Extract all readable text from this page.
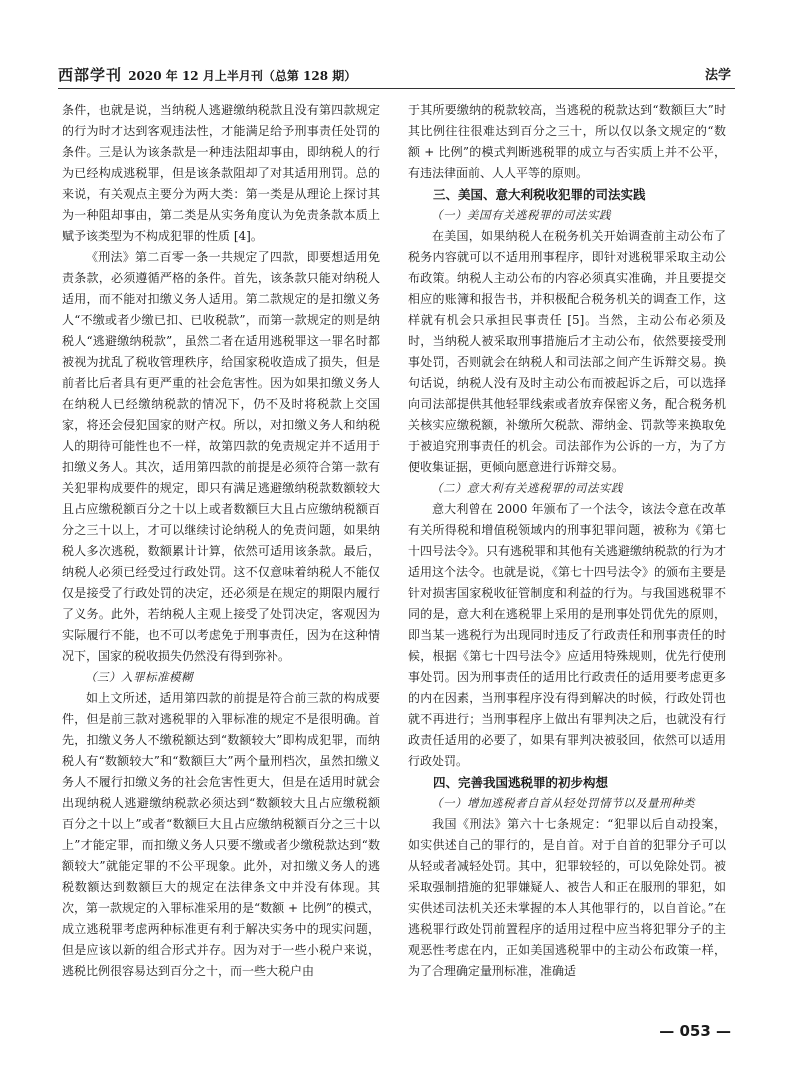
西部学刊 2020 年 12 月上半月刊（总第 128 期）	法学

条件，也就是说，当纳税人逃避缴纳税款且没有第四款规定的行为时才达到客观违法性，才能满足给予刑事责任处罚的条件。三是认为该条款是一种违法阻却事由，即纳税人的行为已经构成逃税罪，但是该条款阻却了对其适用刑罚。总的来说，有关观点主要分为两大类：第一类是从理论上探讨其为一种阻却事由，第二类是从实务角度认为免责条款本质上赋予该类型为不构成犯罪的性质 [4]。

《刑法》第二百零一条一共规定了四款，即要想适用免责条款，必须遵循严格的条件。首先，该条款只能对纳税人适用，而不能对扣缴义务人适用。第二款规定的是扣缴义务人“不缴或者少缴已扣、已收税款”，而第一款规定的则是纳税人“逃避缴纳税款”，虽然二者在适用逃税罪这一罪名时都被视为扰乱了税收管理秩序，给国家税收造成了损失，但是前者比后者具有更严重的社会危害性。因为如果扣缴义务人在纳税人已经缴纳税款的情况下，仍不及时将税款上交国家，将还会侵犯国家的财产权。所以，对扣缴义务人和纳税人的期待可能性也不一样，故第四款的免责规定并不适用于扣缴义务人。其次，适用第四款的前提是必须符合第一款有关犯罪构成要件的规定，即只有满足逃避缴纳税款数额较大且占应缴税额百分之十以上或者数额巨大且占应缴纳税额百分之三十以上，才可以继续讨论纳税人的免责问题，如果纳税人多次逃税，数额累计计算，依然可适用该条款。最后，纳税人必须已经受过行政处罚。这不仅意味着纳税人不能仅仅是接受了行政处罚的决定，还必须是在规定的期限内履行了义务。此外，若纳税人主观上接受了处罚决定，客观因为实际履行不能，也不可以考虑免于刑事责任，因为在这种情况下，国家的税收损失仍然没有得到弥补。

（三）入罪标准模糊

如上文所述，适用第四款的前提是符合前三款的构成要件，但是前三款对逃税罪的入罪标准的规定不是很明确。首先，扣缴义务人不缴税额达到“数额较大”即构成犯罪，而纳税人有“数额较大”和“数额巨大”两个量刑档次，虽然扣缴义务人不履行扣缴义务的社会危害性更大，但是在适用时就会出现纳税人逃避缴纳税款必须达到“数额较大且占应缴税额百分之十以上”或者“数额巨大且占应缴纳税额百分之三十以上”才能定罪，而扣缴义务人只要不缴或者少缴税款达到“数额较大”就能定罪的不公平现象。此外，对扣缴义务人的逃税数额达到数额巨大的规定在法律条文中并没有体现。其次，第一款规定的入罪标准采用的是“数额 + 比例”的模式，成立逃税罪考虑两种标准更有利于解决实务中的现实问题，但是应该以新的组合形式并存。因为对于一些小税户来说，逃税比例很容易达到百分之十，而一些大税户由

于其所要缴纳的税款较高，当逃税的税款达到“数额巨大”时其比例往往很难达到百分之三十，所以仅以条文规定的“数额 + 比例”的模式判断逃税罪的成立与否实质上并不公平，有违法律面前、人人平等的原则。

三、美国、意大利税收犯罪的司法实践
（一）美国有关逃税罪的司法实践

在美国，如果纳税人在税务机关开始调查前主动公布了税务内容就可以不适用刑事程序，即针对逃税罪采取主动公布政策。纳税人主动公布的内容必须真实准确，并且要提交相应的账簿和报告书，并积极配合税务机关的调查工作，这样就有机会只承担民事责任 [5]。当然，主动公布必须及时，当纳税人被采取刑事措施后才主动公布，依然要接受刑事处罚，否则就会在纳税人和司法部之间产生诉辩交易。换句话说，纳税人没有及时主动公布而被起诉之后，可以选择向司法部提供其他轻罪线索或者放弃保密义务，配合税务机关核实应缴税额，补缴所欠税款、滞纳金、罚款等来换取免于被追究刑事责任的机会。司法部作为公诉的一方，为了方便收集证据，更倾向愿意进行诉辩交易。

（二）意大利有关逃税罪的司法实践

意大利曾在 2000 年颁布了一个法令，该法令意在改革有关所得税和增值税领域内的刑事犯罪问题，被称为《第七十四号法令》。只有逃税罪和其他有关逃避缴纳税款的行为才适用这个法令。也就是说，《第七十四号法令》的颁布主要是针对损害国家税收征管制度和利益的行为。与我国逃税罪不同的是，意大利在逃税罪上采用的是刑事处罚优先的原则，即当某一逃税行为出现同时违反了行政责任和刑事责任的时候，根据《第七十四号法令》应适用特殊规则，优先行使刑事处罚。因为刑事责任的适用比行政责任的适用要考虑更多的内在因素，当刑事程序没有得到解决的时候，行政处罚也就不再进行；当刑事程序上做出有罪判决之后，也就没有行政责任适用的必要了，如果有罪判决被驳回，依然可以适用行政处罚。

四、完善我国逃税罪的初步构想
（一）增加逃税者自首从轻处罚情节以及量刑种类

我国《刑法》第六十七条规定：“犯罪以后自动投案，如实供述自己的罪行的，是自首。对于自首的犯罪分子可以从轻或者减轻处罚。其中，犯罪较轻的，可以免除处罚。被采取强制措施的犯罪嫌疑人、被告人和正在服刑的罪犯，如实供述司法机关还未掌握的本人其他罪行的，以自首论。”在逃税罪行政处罚前置程序的适用过程中应当将犯罪分子的主观恶性考虑在内，正如美国逃税罪中的主动公布政策一样，为了合理确定量刑标准，准确适

— 053 —
